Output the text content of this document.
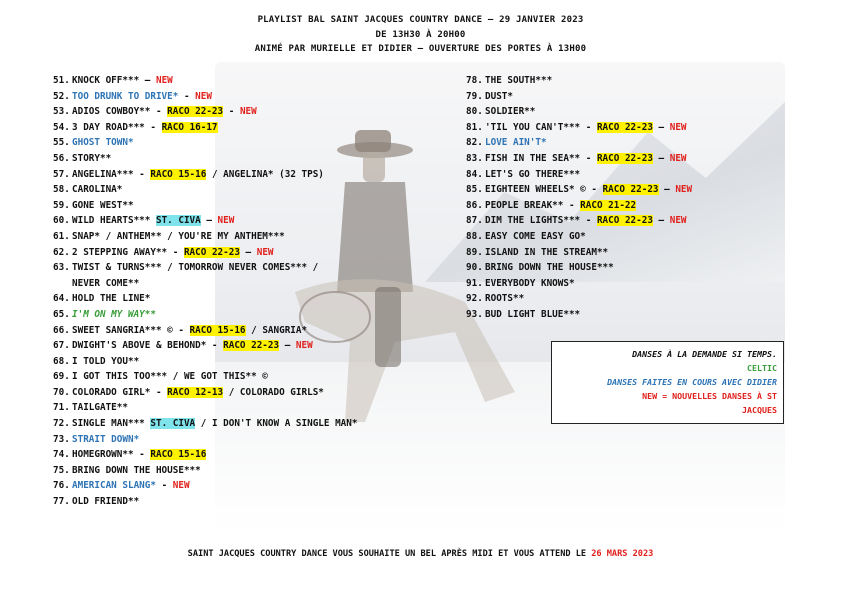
PLAYLIST BAL SAINT JACQUES COUNTRY DANCE – 29 JANVIER 2023
DE 13H30 À 20H00
ANIMÉ PAR MURIELLE ET DIDIER – OUVERTURE DES PORTES À 13H00
51. KNOCK OFF*** – NEW
52. TOO DRUNK TO DRIVE* - NEW
53. ADIOS COWBOY** - RACO 22-23 - NEW
54. 3 DAY ROAD*** - RACO 16-17
55. GHOST TOWN*
56. STORY**
57. ANGELINA*** - RACO 15-16 / ANGELINA* (32 TPS)
58. CAROLINA*
59. GONE WEST**
60. WILD HEARTS*** ST. CIVA – NEW
61. SNAP* / ANTHEM** / YOU'RE MY ANTHEM***
62. 2 STEPPING AWAY** - RACO 22-23 – NEW
63. TWIST & TURNS*** / TOMORROW NEVER COMES*** /
NEVER COME**
64. HOLD THE LINE*
65. I'M ON MY WAY**
66. SWEET SANGRIA*** © - RACO 15-16 / SANGRIA*
67. DWIGHT'S ABOVE & BEHOND* - RACO 22-23 – NEW
68. I TOLD YOU**
69. I GOT THIS TOO*** / WE GOT THIS** ©
70. COLORADO GIRL* - RACO 12-13 / COLORADO GIRLS*
71. TAILGATE**
72. SINGLE MAN*** ST. CIVA / I DON'T KNOW A SINGLE MAN*
73. STRAIT DOWN*
74. HOMEGROWN** - RACO 15-16
75. BRING DOWN THE HOUSE***
76. AMERICAN SLANG* - NEW
77. OLD FRIEND**
78. THE SOUTH***
79. DUST*
80. SOLDIER**
81. 'TIL YOU CAN'T*** - RACO 22-23 – NEW
82. LOVE AIN'T*
83. FISH IN THE SEA** - RACO 22-23 – NEW
84. LET'S GO THERE***
85. EIGHTEEN WHEELS* © - RACO 22-23 – NEW
86. PEOPLE BREAK** - RACO 21-22
87. DIM THE LIGHTS*** - RACO 22-23 – NEW
88. EASY COME EASY GO*
89. ISLAND IN THE STREAM**
90. BRING DOWN THE HOUSE***
91. EVERYBODY KNOWS*
92. ROOTS**
93. BUD LIGHT BLUE***
DANSES À LA DEMANDE SI TEMPS.
CELTIC
DANSES FAITES EN COURS AVEC DIDIER
NEW = NOUVELLES DANSES À ST
JACQUES
SAINT JACQUES COUNTRY DANCE VOUS SOUHAITE UN BEL APRÈS MIDI ET VOUS ATTEND LE 26 MARS 2023
